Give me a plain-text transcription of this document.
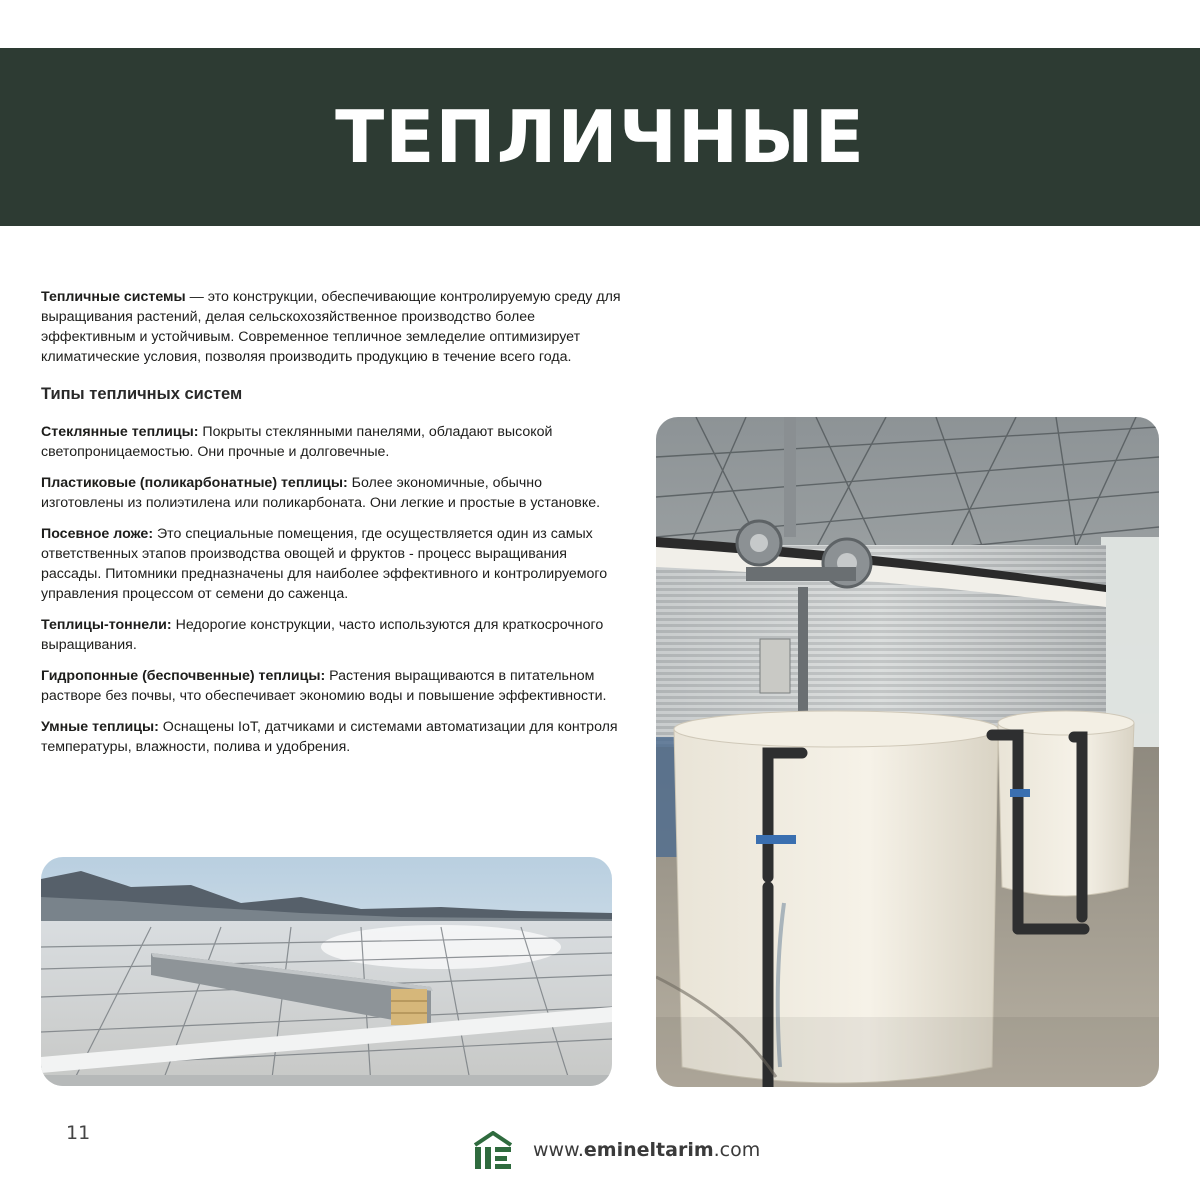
ТЕПЛИЧНЫЕ

Тепличные системы — это конструкции, обеспечивающие контролируемую среду для выращивания растений, делая сельскохозяйственное производство более эффективным и устойчивым. Современное тепличное земледелие оптимизирует климатические условия, позволяя производить продукцию в течение всего года.

Типы тепличных систем

Стеклянные теплицы: Покрыты стеклянными панелями, обладают высокой светопроницаемостью. Они прочные и долговечные.

Пластиковые (поликарбонатные) теплицы: Более экономичные, обычно изготовлены из полиэтилена или поликарбоната. Они легкие и простые в установке.

Посевное ложе: Это специальные помещения, где осуществляется один из самых ответственных этапов производства овощей и фруктов - процесс выращивания рассады. Питомники предназначены для наиболее эффективного и контролируемого управления процессом от семени до саженца.

Теплицы-тоннели: Недорогие конструкции, часто используются для краткосрочного выращивания.

Гидропонные (беспочвенные) теплицы: Растения выращиваются в питательном растворе без почвы, что обеспечивает экономию воды и повышение эффективности.

Умные теплицы: Оснащены IoT, датчиками и системами автоматизации для контроля температуры, влажности, полива и удобрения.

11
www.emineltarim.com
